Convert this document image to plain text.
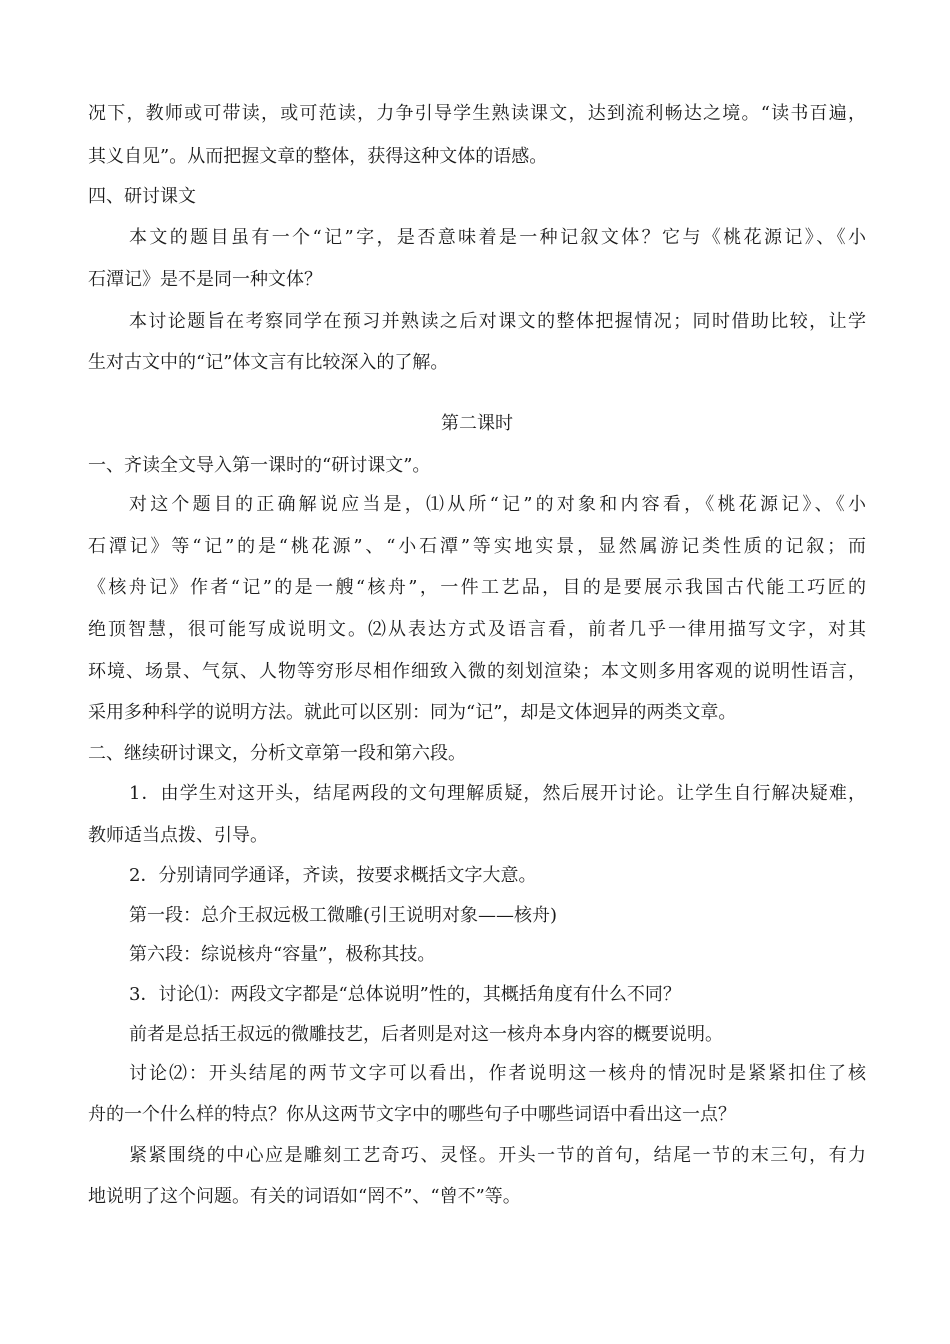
况下，教师或可带读，或可范读，力争引导学生熟读课文，达到流利畅达之境。“读书百遍，
其义自见”。从而把握文章的整体，获得这种文体的语感。
四、研讨课文
本文的题目虽有一个“记”字，是否意味着是一种记叙文体？它与《桃花源记》、《小
石潭记》是不是同一种文体？
本讨论题旨在考察同学在预习并熟读之后对课文的整体把握情况；同时借助比较，让学
生对古文中的“记”体文言有比较深入的了解。
第二课时
一、齐读全文导入第一课时的“研讨课文”。
对这个题目的正确解说应当是，⑴从所“记”的对象和内容看，《桃花源记》、《小
石潭记》等“记”的是“桃花源”、“小石潭”等实地实景，显然属游记类性质的记叙；而
《核舟记》作者“记”的是一艘“核舟”，一件工艺品，目的是要展示我国古代能工巧匠的
绝顶智慧，很可能写成说明文。⑵从表达方式及语言看，前者几乎一律用描写文字，对其
环境、场景、气氛、人物等穷形尽相作细致入微的刻划渲染；本文则多用客观的说明性语言，
采用多种科学的说明方法。就此可以区别：同为“记”，却是文体迥异的两类文章。
二、继续研讨课文，分析文章第一段和第六段。
1．由学生对这开头，结尾两段的文句理解质疑，然后展开讨论。让学生自行解决疑难，
教师适当点拨、引导。
2．分别请同学通译，齐读，按要求概括文字大意。
第一段：总介王叔远极工微雕(引王说明对象——核舟)
第六段：综说核舟“容量”，极称其技。
3．讨论⑴：两段文字都是“总体说明”性的，其概括角度有什么不同？
前者是总括王叔远的微雕技艺，后者则是对这一核舟本身内容的概要说明。
讨论⑵：开头结尾的两节文字可以看出，作者说明这一核舟的情况时是紧紧扣住了核
舟的一个什么样的特点？你从这两节文字中的哪些句子中哪些词语中看出这一点？
紧紧围绕的中心应是雕刻工艺奇巧、灵怪。开头一节的首句，结尾一节的末三句，有力
地说明了这个问题。有关的词语如“罔不”、“曾不”等。
